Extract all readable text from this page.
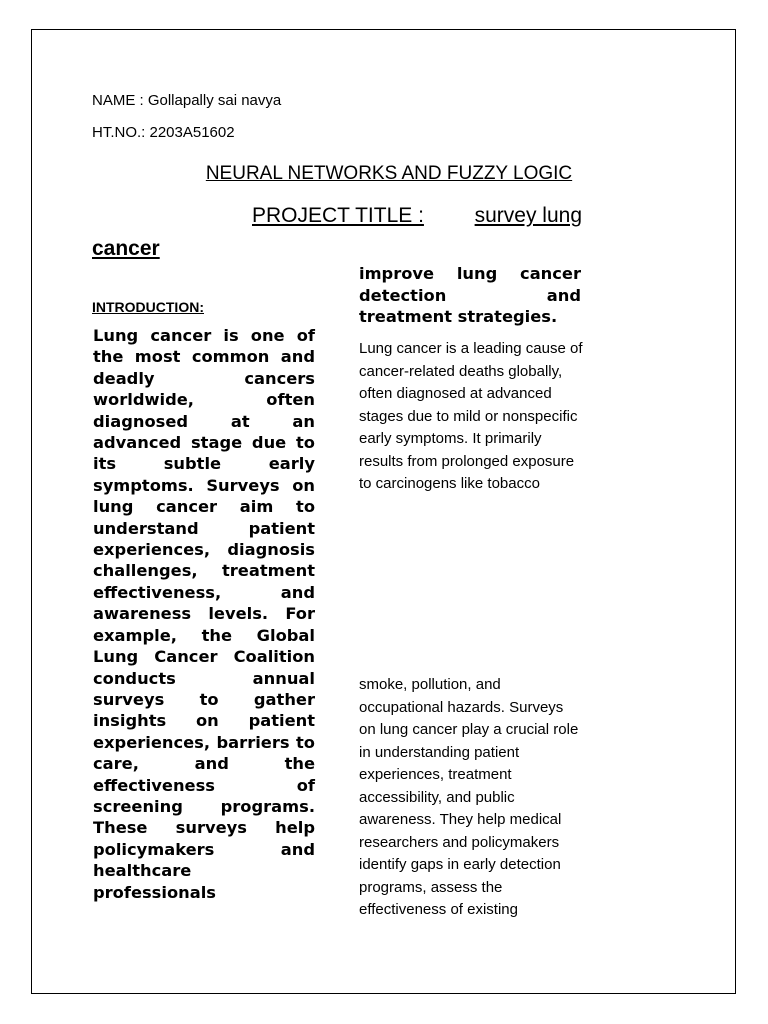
NAME : Gollapally sai navya
HT.NO.: 2203A51602
NEURAL NETWORKS AND FUZZY LOGIC
PROJECT TITLE : survey lung
cancer
INTRODUCTION:
Lung cancer is one of the most common and deadly cancers worldwide, often diagnosed at an advanced stage due to its subtle early symptoms. Surveys on lung cancer aim to understand patient experiences, diagnosis challenges, treatment effectiveness, and awareness levels. For example, the Global Lung Cancer Coalition conducts annual surveys to gather insights on patient experiences, barriers to care, and the effectiveness of screening programs. These surveys help policymakers and healthcare professionals
improve lung cancer detection and treatment strategies.
Lung cancer is a leading cause of cancer-related deaths globally, often diagnosed at advanced stages due to mild or nonspecific early symptoms. It primarily results from prolonged exposure to carcinogens like tobacco
smoke, pollution, and occupational hazards. Surveys on lung cancer play a crucial role in understanding patient experiences, treatment accessibility, and public awareness. They help medical researchers and policymakers identify gaps in early detection programs, assess the effectiveness of existing
